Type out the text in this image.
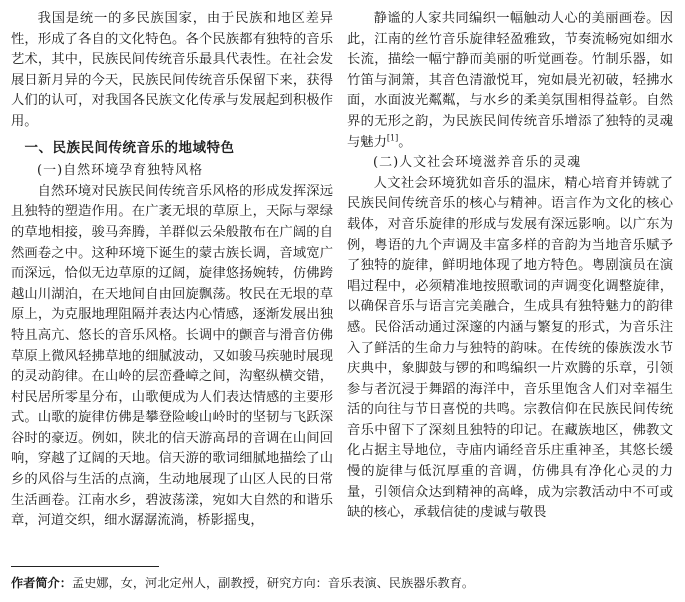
我国是统一的多民族国家，由于民族和地区差异性，形成了各自的文化特色。各个民族都有独特的音乐艺术，其中，民族民间传统音乐最具代表性。在社会发展日新月异的今天，民族民间传统音乐保留下来，获得人们的认可，对我国各民族文化传承与发展起到积极作用。

一、民族民间传统音乐的地域特色

(一)自然环境孕育独特风格

自然环境对民族民间传统音乐风格的形成发挥深远且独特的塑造作用。在广袤无垠的草原上，天际与翠绿的草地相接，骏马奔腾，羊群似云朵般散布在广阔的自然画卷之中。这种环境下诞生的蒙古族长调，音域宽广而深远，恰似无边草原的辽阔，旋律悠扬婉转，仿佛跨越山川湖泊，在天地间自由回旋飘荡。牧民在无垠的草原上，为克服地理阻隔并表达内心情感，逐渐发展出独特且高亢、悠长的音乐风格。长调中的颤音与滑音仿佛草原上微风轻拂草地的细腻波动，又如骏马疾驰时展现的灵动韵律。在山岭的层峦叠嶂之间，沟壑纵横交错，村民居所零星分布，山歌便成为人们表达情感的主要形式。山歌的旋律仿佛是攀登险峻山岭时的坚韧与飞跃深谷时的豪迈。例如，陕北的信天游高昂的音调在山间回响，穿越了辽阔的天地。信天游的歌词细腻地描绘了山乡的风俗与生活的点滴，生动地展现了山区人民的日常生活画卷。江南水乡，碧波荡漾，宛如大自然的和谐乐章，河道交织，细水潺潺流淌，桥影摇曳，

静谧的人家共同编织一幅触动人心的美丽画卷。因此，江南的丝竹音乐旋律轻盈雅致，节奏流畅宛如细水长流，描绘一幅宁静而美丽的听觉画卷。竹制乐器，如竹笛与洞箫，其音色清澈悦耳，宛如晨光初破，轻拂水面，水面波光粼粼，与水乡的柔美氛围相得益彰。自然界的无形之韵，为民族民间传统音乐增添了独特的灵魂与魅力[1]。

(二)人文社会环境滋养音乐的灵魂

人文社会环境犹如音乐的温床，精心培育并铸就了民族民间传统音乐的核心与精神。语言作为文化的核心载体，对音乐旋律的形成与发展有深远影响。以广东为例，粤语的九个声调及丰富多样的音韵为当地音乐赋予了独特的旋律，鲜明地体现了地方特色。粤剧演员在演唱过程中，必须精准地按照歌词的声调变化调整旋律，以确保音乐与语言完美融合，生成具有独特魅力的韵律感。民俗活动通过深邃的内涵与繁复的形式，为音乐注入了鲜活的生命力与独特的韵味。在传统的傣族泼水节庆典中，象脚鼓与锣的和鸣编织一片欢腾的乐章，引领参与者沉浸于舞蹈的海洋中，音乐里饱含人们对幸福生活的向往与节日喜悦的共鸣。宗教信仰在民族民间传统音乐中留下了深刻且独特的印记。在藏族地区，佛教文化占据主导地位，寺庙内诵经音乐庄重神圣，其悠长缓慢的旋律与低沉厚重的音调，仿佛具有净化心灵的力量，引领信众达到精神的高峰，成为宗教活动中不可或缺的核心，承载信徒的虔诚与敬畏

作者简介：孟史娜，女，河北定州人，副教授，研究方向：音乐表演、民族器乐教育。
